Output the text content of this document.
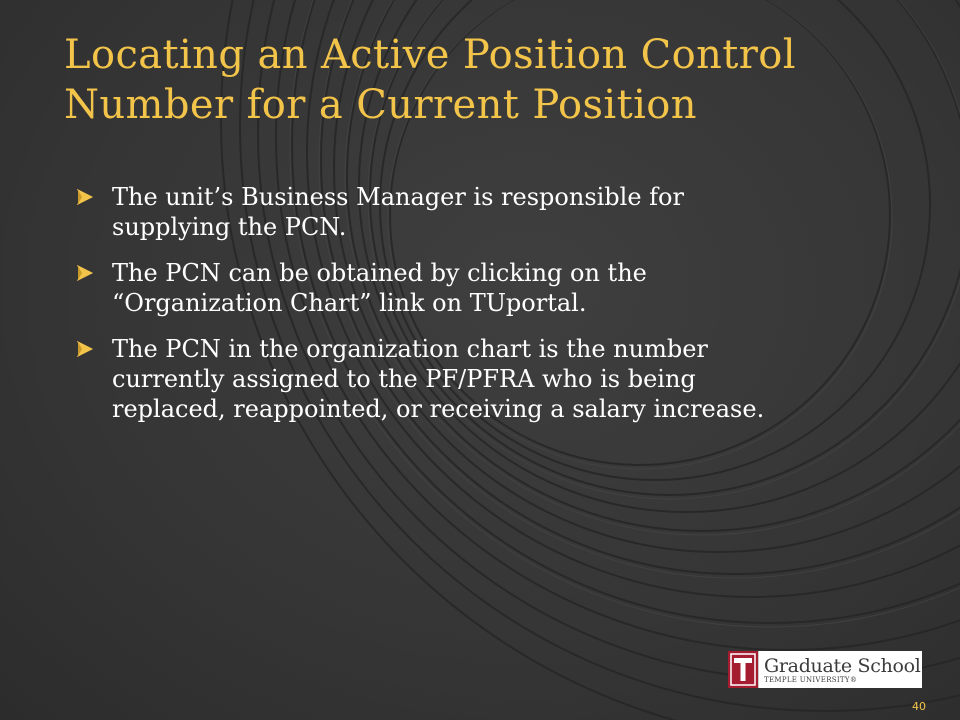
Locating an Active Position Control
Number for a Current Position
The unit’s Business Manager is responsible for
supplying the PCN.
The PCN can be obtained by clicking on the
“Organization Chart” link on TUportal.
The PCN in the organization chart is the number
currently assigned to the PF/PFRA who is being
replaced, reappointed, or receiving a salary increase.
Graduate School
TEMPLE UNIVERSITY®
40
